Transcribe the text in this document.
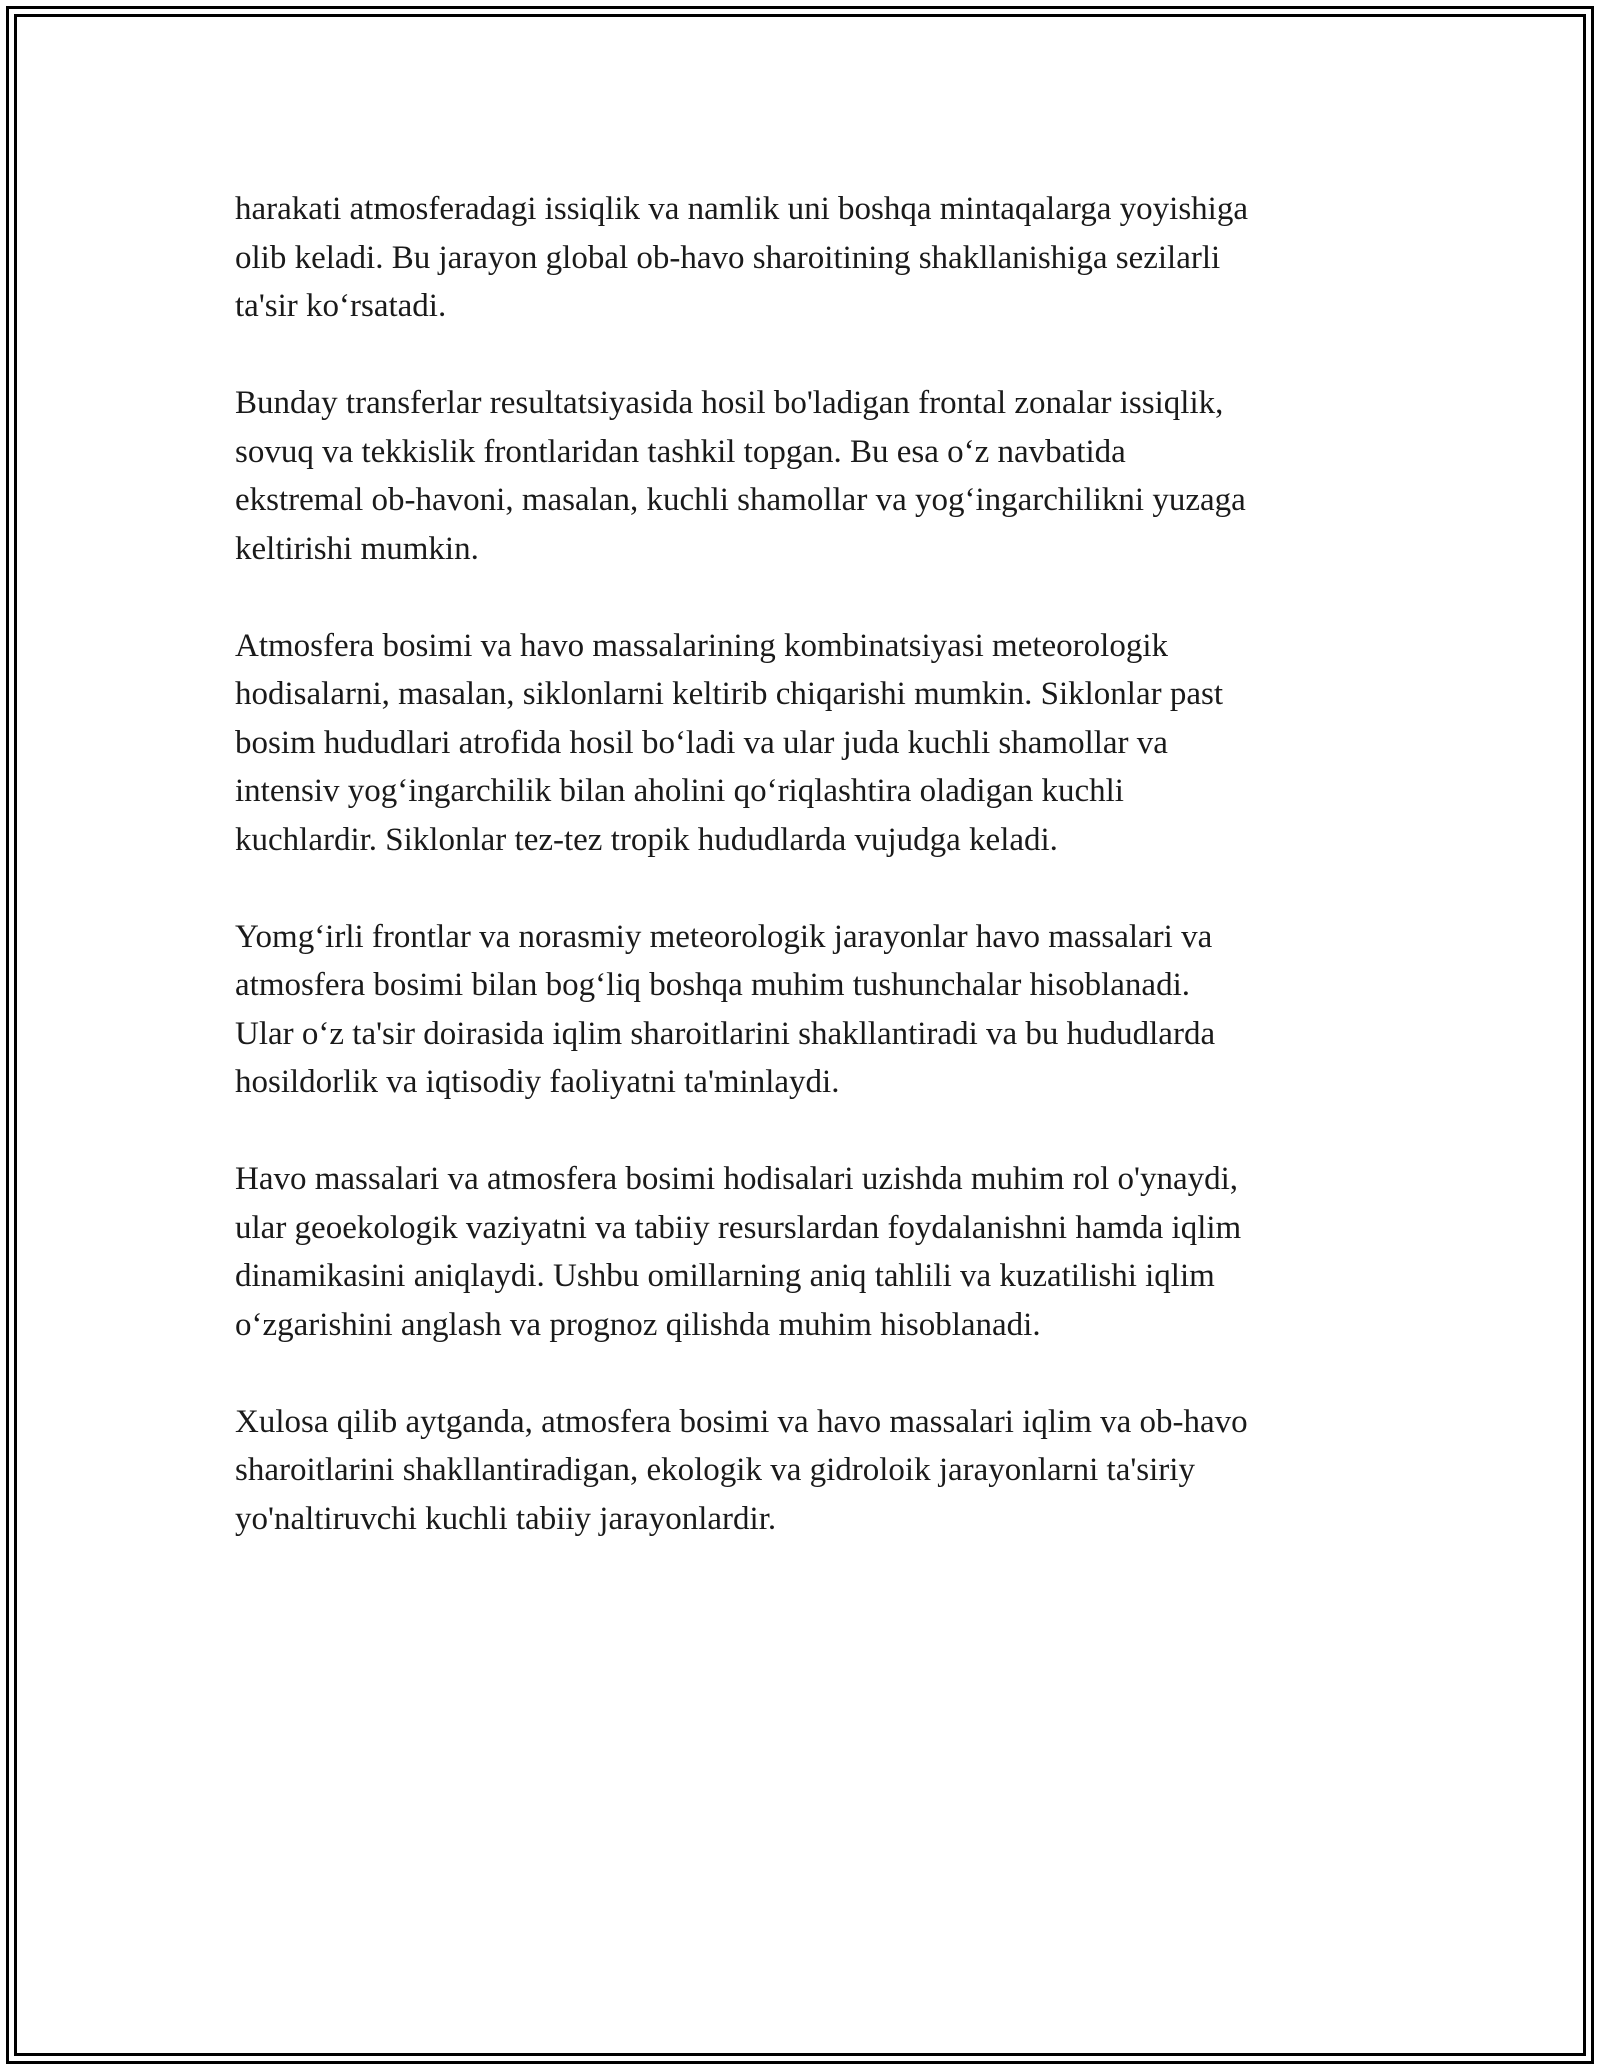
harakati atmosferadagi issiqlik va namlik uni boshqa mintaqalarga yoyishiga
olib keladi. Bu jarayon global ob-havo sharoitining shakllanishiga sezilarli
ta'sir ko‘rsatadi.

Bunday transferlar resultatsiyasida hosil bo'ladigan frontal zonalar issiqlik,
sovuq va tekkislik frontlaridan tashkil topgan. Bu esa o‘z navbatida
ekstremal ob-havoni, masalan, kuchli shamollar va yog‘ingarchilikni yuzaga
keltirishi mumkin.

Atmosfera bosimi va havo massalarining kombinatsiyasi meteorologik
hodisalarni, masalan, siklonlarni keltirib chiqarishi mumkin. Siklonlar past
bosim hududlari atrofida hosil bo‘ladi va ular juda kuchli shamollar va
intensiv yog‘ingarchilik bilan aholini qo‘riqlashtira oladigan kuchli
kuchlardir. Siklonlar tez-tez tropik hududlarda vujudga keladi.

Yomg‘irli frontlar va norasmiy meteorologik jarayonlar havo massalari va
atmosfera bosimi bilan bog‘liq boshqa muhim tushunchalar hisoblanadi.
Ular o‘z ta'sir doirasida iqlim sharoitlarini shakllantiradi va bu hududlarda
hosildorlik va iqtisodiy faoliyatni ta'minlaydi.

Havo massalari va atmosfera bosimi hodisalari uzishda muhim rol o'ynaydi,
ular geoekologik vaziyatni va tabiiy resurslardan foydalanishni hamda iqlim
dinamikasini aniqlaydi. Ushbu omillarning aniq tahlili va kuzatilishi iqlim
o‘zgarishini anglash va prognoz qilishda muhim hisoblanadi.

Xulosa qilib aytganda, atmosfera bosimi va havo massalari iqlim va ob-havo
sharoitlarini shakllantiradigan, ekologik va gidroloik jarayonlarni ta'siriy
yo'naltiruvchi kuchli tabiiy jarayonlardir.
